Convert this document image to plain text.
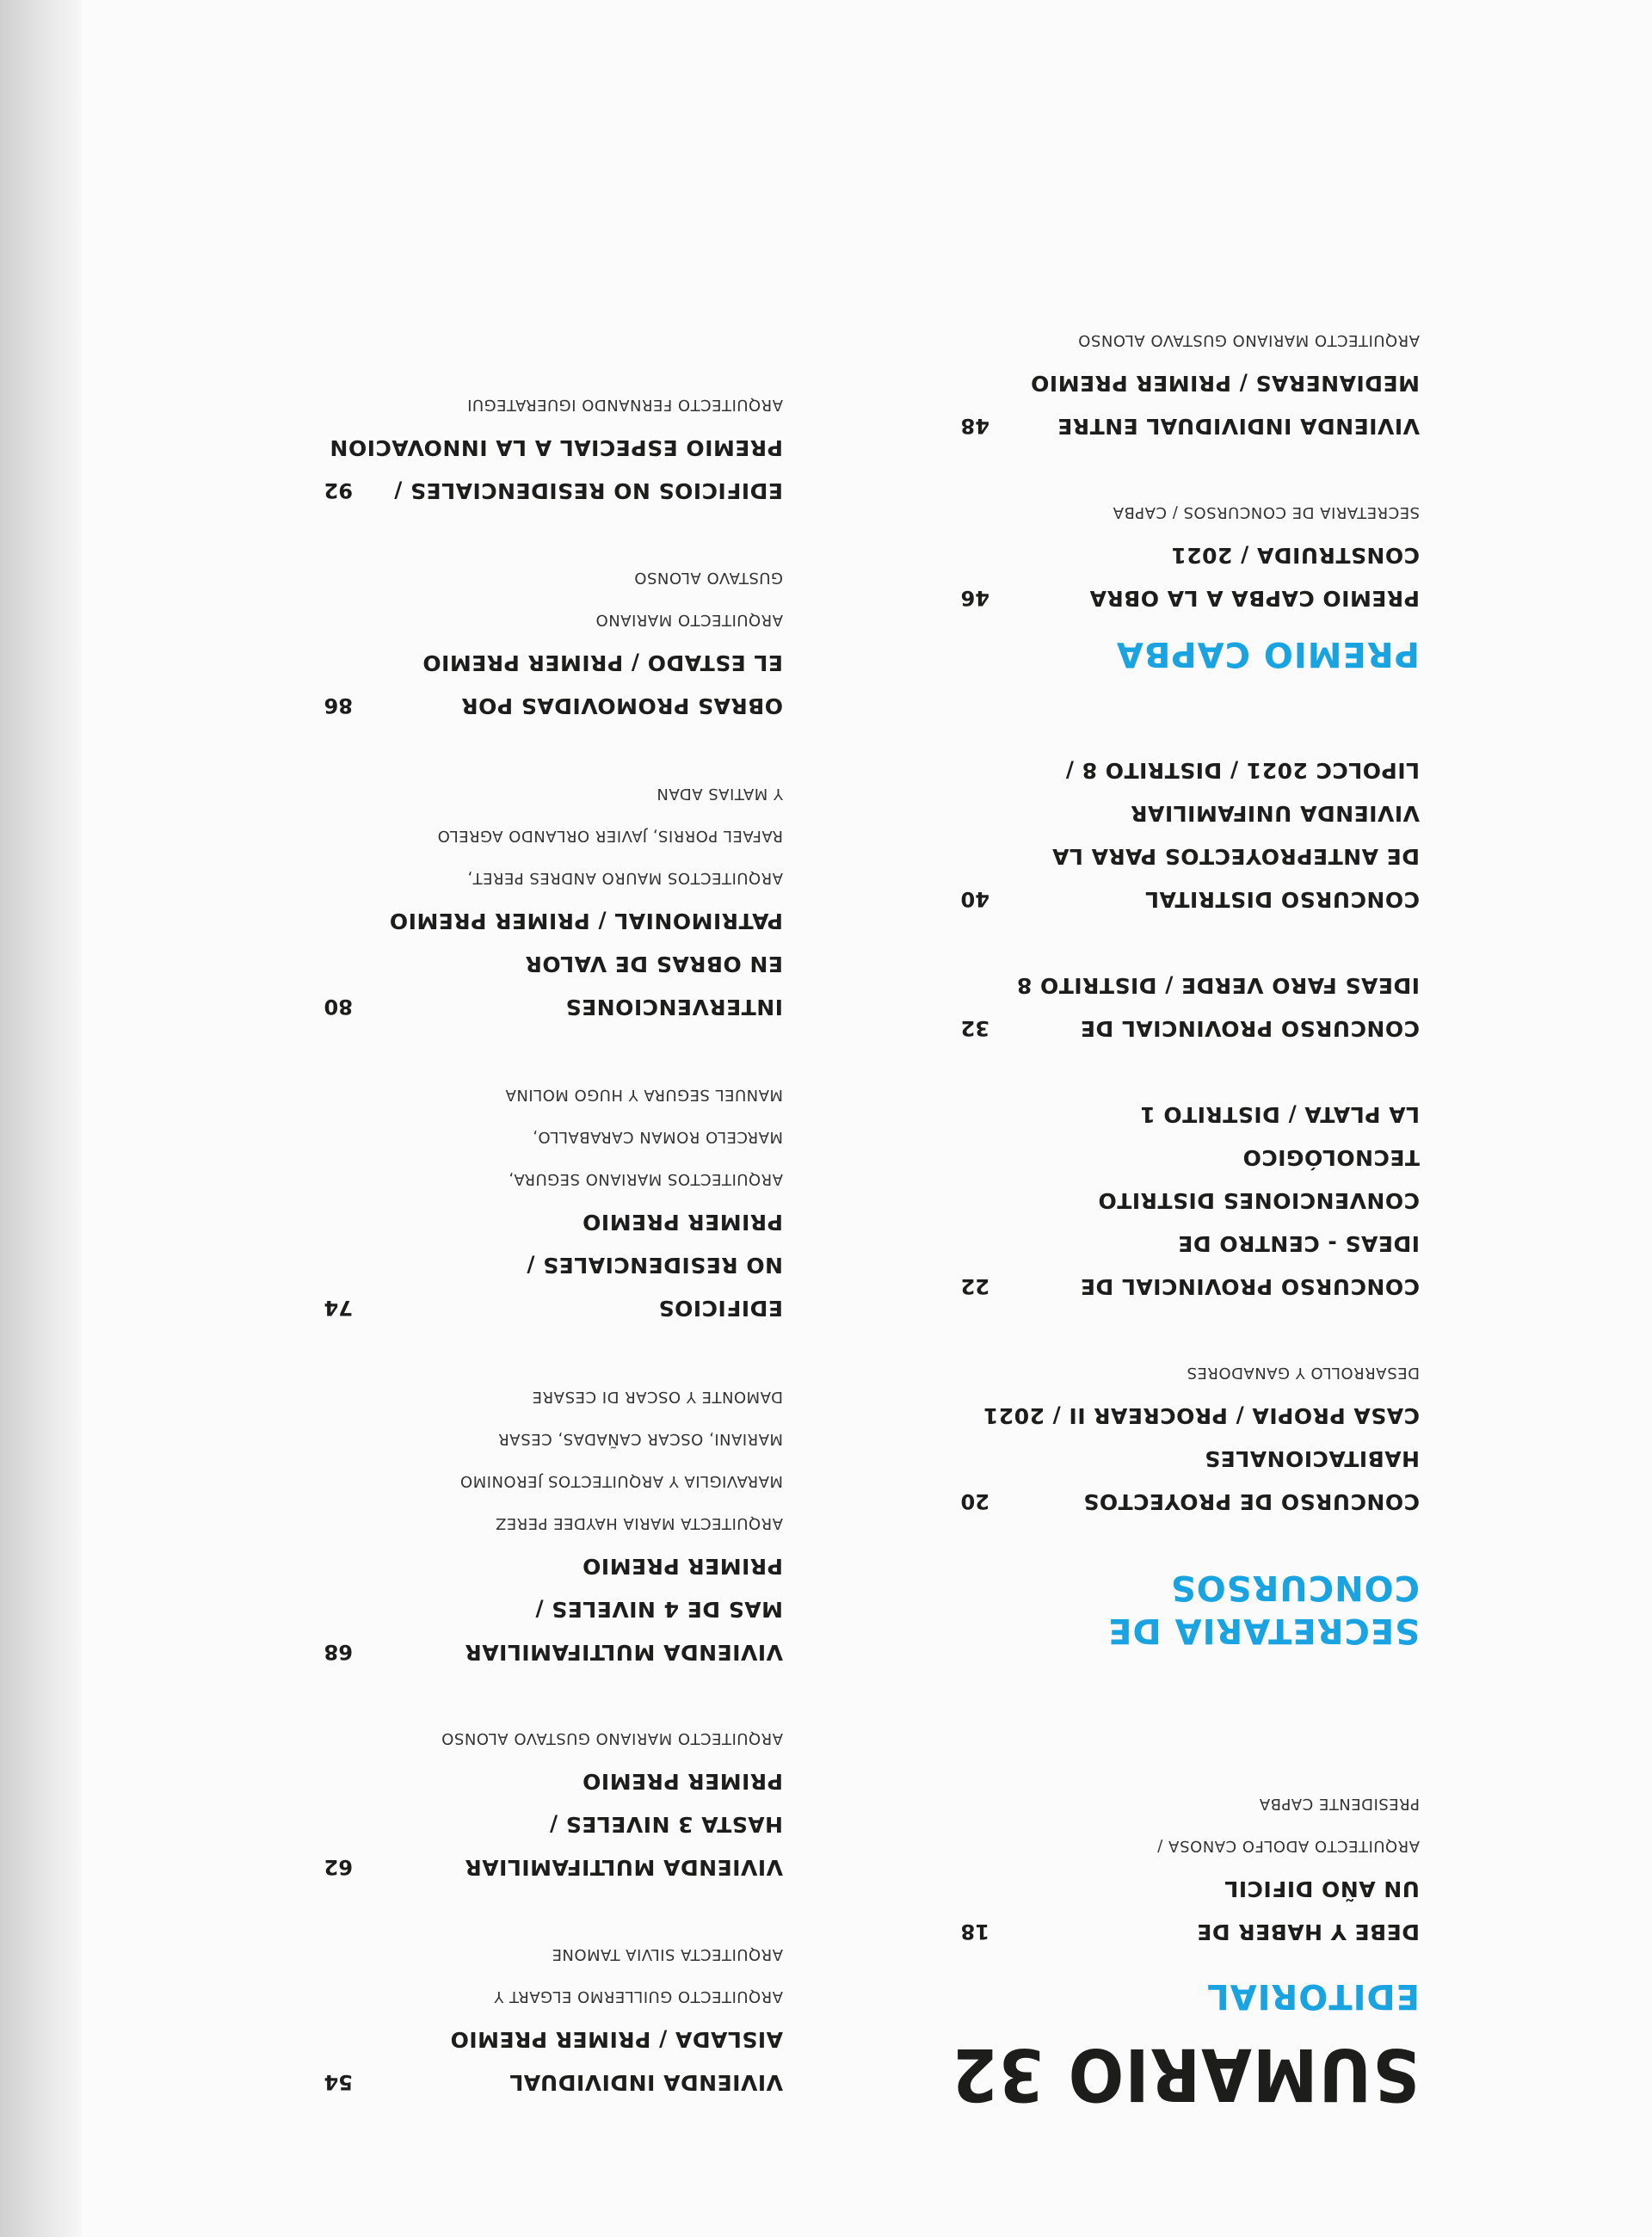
SUMARIO 32
EDITORIAL
DEBE Y HABER DE
UN AÑO DIFICIL
18
ARQUITECTO ADOLFO CANOSA /
PRESIDENTE CAPBA
SECRETARIA DE
CONCURSOS
CONCURSO DE PROYECTOS
HABITACIONALES
CASA PROPIA / PROCREAR II / 2021
20
DESARROLLO Y GANADORES
CONCURSO PROVINCIAL DE
IDEAS - CENTRO DE
CONVENCIONES DISTRITO
TECNOLÓGICO
LA PLATA / DISTRITO 1
22
CONCURSO PROVINCIAL DE
IDEAS FARO VERDE / DISTRITO 8
32
CONCURSO DISTRITAL
DE ANTEPROYECTOS PARA LA
VIVIENDA UNIFAMILIAR
LIPOLCC 2021 / DISTRITO 8 /
40
PREMIO CAPBA
PREMIO CAPBA A LA OBRA
CONSTRUIDA / 2021
46
SECRETARIA DE CONCURSOS / CAPBA
VIVIENDA INDIVIDUAL ENTRE
MEDIANERAS / PRIMER PREMIO
48
ARQUITECTO MARIANO GUSTAVO ALONSO
VIVIENDA INDIVIDUAL
AISLADA / PRIMER PREMIO
54
ARQUITECTO GUILLERMO ELGART Y
ARQUITECTA SILVIA TAMONE
VIVIENDA MULTIFAMILIAR
HASTA 3 NIVELES /
PRIMER PREMIO
62
ARQUITECTO MARIANO GUSTAVO ALONSO
VIVIENDA MULTIFAMILIAR
MAS DE 4 NIVELES /
PRIMER PREMIO
68
ARQUITECTA MARIA HAYDEE PEREZ
MARAVIGLIA Y ARQUITECTOS JERONIMO
MARIANI, OSCAR CAÑADAS, CESAR
DAMONTE Y OSCAR DI CESARE
EDIFICIOS
NO RESIDENCIALES /
PRIMER PREMIO
74
ARQUITECTOS MARIANO SEGURA,
MARCELO ROMAN CARABALLO,
MANUEL SEGURA Y HUGO MOLINA
INTERVENCIONES
EN OBRAS DE VALOR
PATRIMONIAL / PRIMER PREMIO
80
ARQUITECTOS MAURO ANDRES PERET,
RAFAEL PORRIS, JAVIER ORLANDO AGRELO
Y MATIAS ADAN
OBRAS PROMOVIDAS POR
EL ESTADO / PRIMER PREMIO
86
ARQUITECTO MARIANO
GUSTAVO ALONSO
EDIFICIOS NO RESIDENCIALES /
PREMIO ESPECIAL A LA INNOVACION
92
ARQUITECTO FERNANDO IGUERATEGUI
